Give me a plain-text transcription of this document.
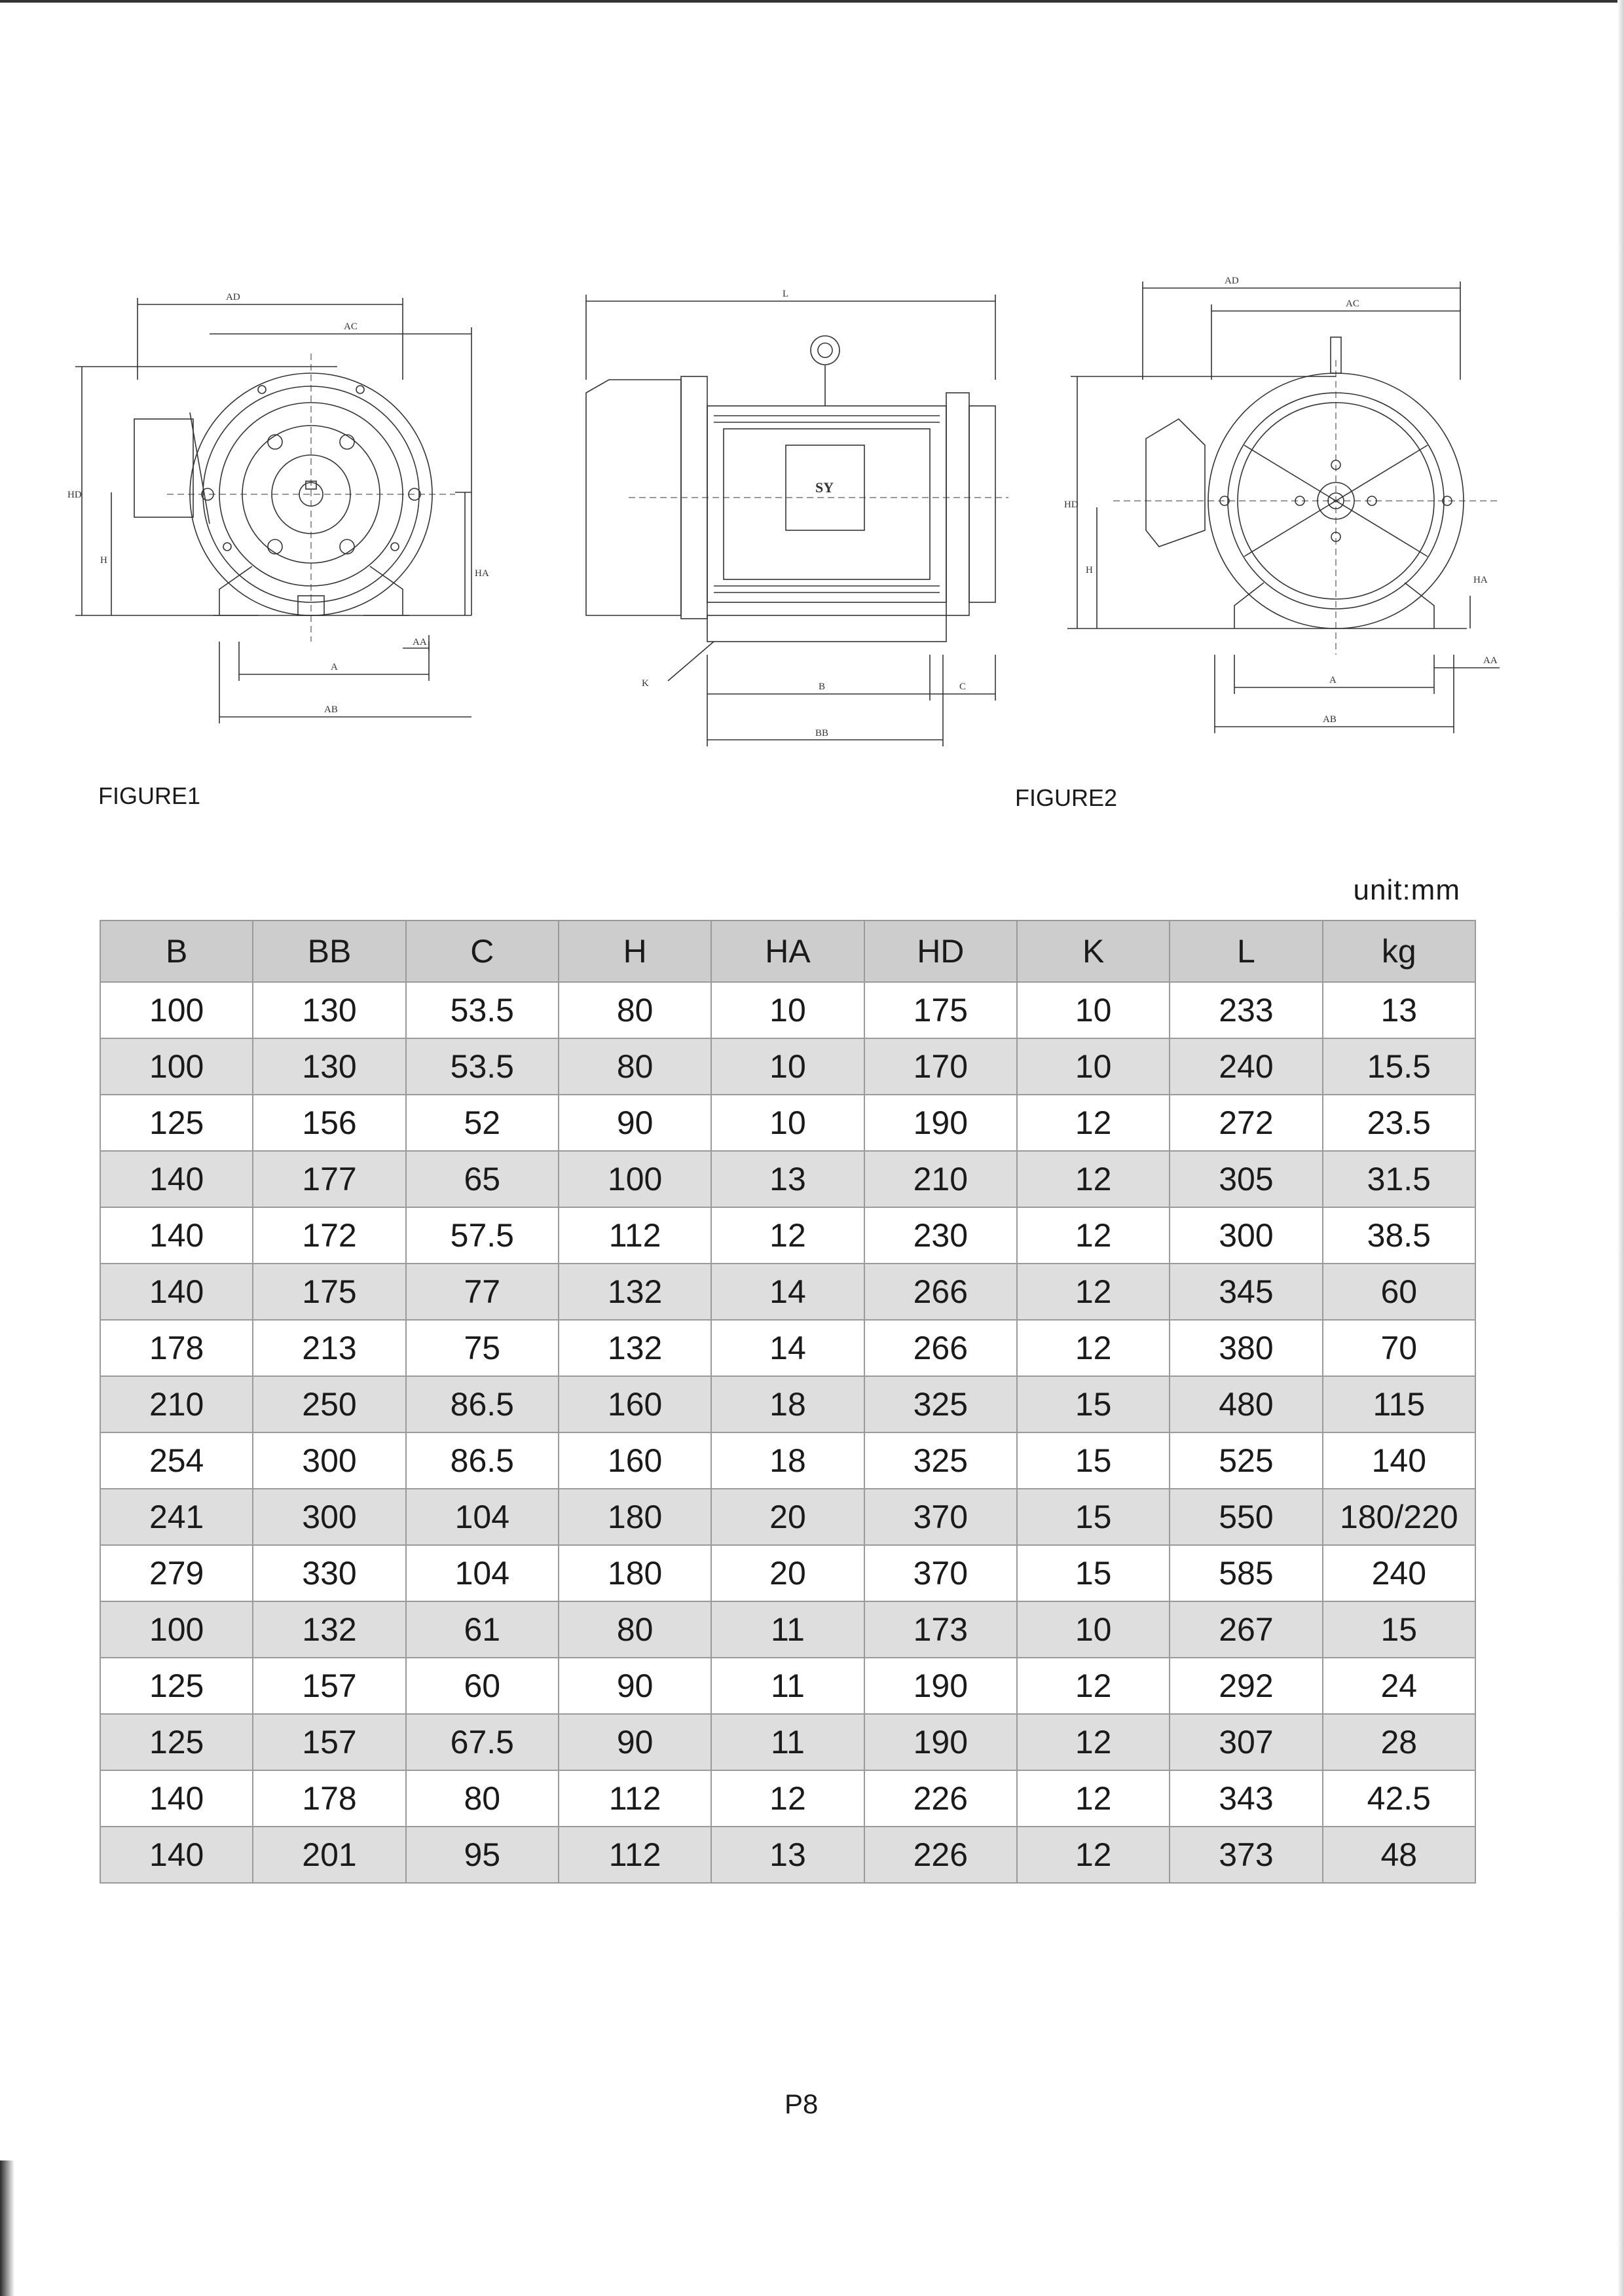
AD
AC
HD
H
HA
AA
A
AB
L
K	B	C
BB
SY
AD
AC
HD
H
HA
AA
A
AB
FIGURE1	FIGURE2
unit:mm
B	BB	C	H	HA	HD	K	L	kg
100	130	53.5	80	10	175	10	233	13
100	130	53.5	80	10	170	10	240	15.5
125	156	52	90	10	190	12	272	23.5
140	177	65	100	13	210	12	305	31.5
140	172	57.5	112	12	230	12	300	38.5
140	175	77	132	14	266	12	345	60
178	213	75	132	14	266	12	380	70
210	250	86.5	160	18	325	15	480	115
254	300	86.5	160	18	325	15	525	140
241	300	104	180	20	370	15	550	180/220
279	330	104	180	20	370	15	585	240
100	132	61	80	11	173	10	267	15
125	157	60	90	11	190	12	292	24
125	157	67.5	90	11	190	12	307	28
140	178	80	112	12	226	12	343	42.5
140	201	95	112	13	226	12	373	48
P8
